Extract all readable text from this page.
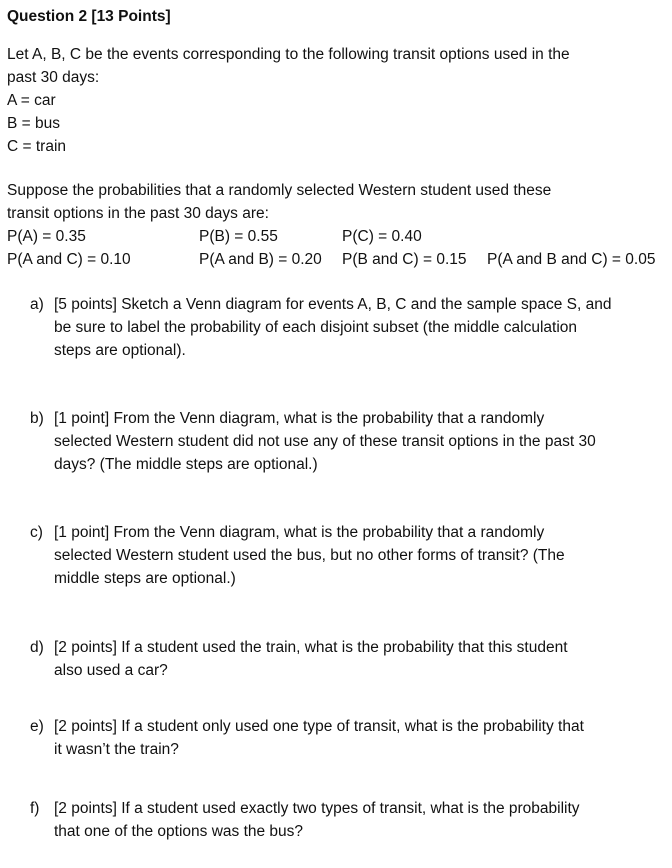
Question 2 [13 Points]
Let A, B, C be the events corresponding to the following transit options used in the
past 30 days:
A = car
B = bus
C = train
Suppose the probabilities that a randomly selected Western student used these
transit options in the past 30 days are:
P(A) = 0.35	P(B) = 0.55	P(C) = 0.40
P(A and C) = 0.10	P(A and B) = 0.20 P(B and C) = 0.15 P(A and B and C) = 0.05
a) [5 points] Sketch a Venn diagram for events A, B, C and the sample space S, and
be sure to label the probability of each disjoint subset (the middle calculation
steps are optional).
b) [1 point] From the Venn diagram, what is the probability that a randomly
selected Western student did not use any of these transit options in the past 30
days? (The middle steps are optional.)
c) [1 point] From the Venn diagram, what is the probability that a randomly
selected Western student used the bus, but no other forms of transit? (The
middle steps are optional.)
d) [2 points] If a student used the train, what is the probability that this student
also used a car?
e) [2 points] If a student only used one type of transit, what is the probability that
it wasn’t the train?
f) [2 points] If a student used exactly two types of transit, what is the probability
that one of the options was the bus?
